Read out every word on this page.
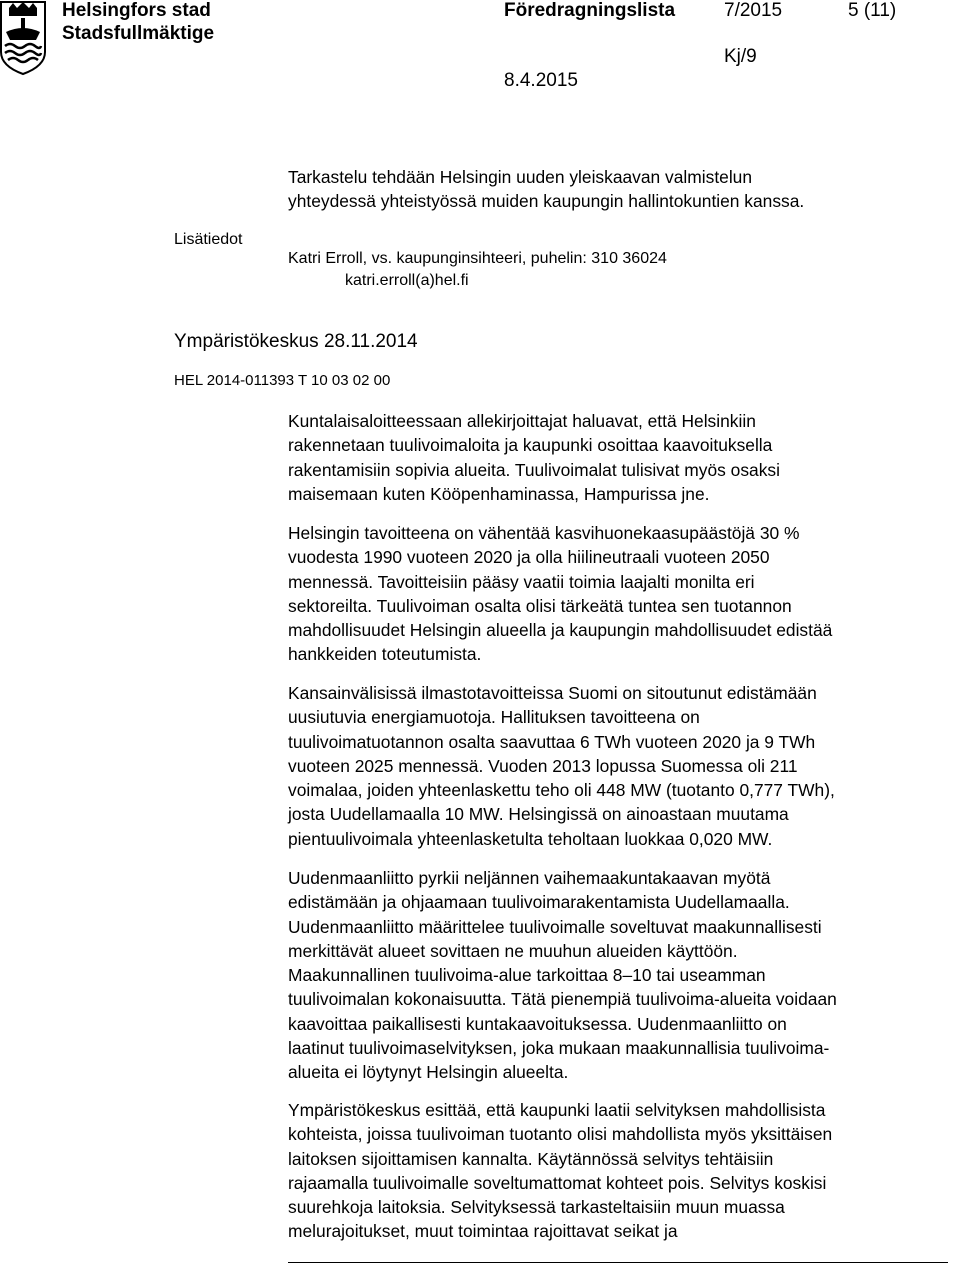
Helsingfors stad
Stadsfullmäktige
Föredragningslista	7/2015	5 (11)
Kj/9
8.4.2015
Tarkastelu tehdään Helsingin uuden yleiskaavan valmistelun
yhteydessä yhteistyössä muiden kaupungin hallintokuntien kanssa.
Lisätiedot
Katri Erroll, vs. kaupunginsihteeri, puhelin: 310 36024
katri.erroll(a)hel.fi
Ympäristökeskus 28.11.2014
HEL 2014-011393 T 10 03 02 00
Kuntalaisaloitteessaan allekirjoittajat haluavat, että Helsinkiin
rakennetaan tuulivoimaloita ja kaupunki osoittaa kaavoituksella
rakentamisiin sopivia alueita. Tuulivoimalat tulisivat myös osaksi
maisemaan kuten Kööpenhaminassa, Hampurissa jne.
Helsingin tavoitteena on vähentää kasvihuonekaasupäästöjä 30 %
vuodesta 1990 vuoteen 2020 ja olla hiilineutraali vuoteen 2050
mennessä. Tavoitteisiin pääsy vaatii toimia laajalti monilta eri
sektoreilta. Tuulivoiman osalta olisi tärkeätä tuntea sen tuotannon
mahdollisuudet Helsingin alueella ja kaupungin mahdollisuudet edistää
hankkeiden toteutumista.
Kansainvälisissä ilmastotavoitteissa Suomi on sitoutunut edistämään
uusiutuvia energiamuotoja. Hallituksen tavoitteena on
tuulivoimatuotannon osalta saavuttaa 6 TWh vuoteen 2020 ja 9 TWh
vuoteen 2025 mennessä. Vuoden 2013 lopussa Suomessa oli 211
voimalaa, joiden yhteenlaskettu teho oli 448 MW (tuotanto 0,777 TWh),
josta Uudellamaalla 10 MW. Helsingissä on ainoastaan muutama
pientuulivoimala yhteenlasketulta teholtaan luokkaa 0,020 MW.
Uudenmaanliitto pyrkii neljännen vaihemaakuntakaavan myötä
edistämään ja ohjaamaan tuulivoimarakentamista Uudellamaalla.
Uudenmaanliitto määrittelee tuulivoimalle soveltuvat maakunnallisesti
merkittävät alueet sovittaen ne muuhun alueiden käyttöön.
Maakunnallinen tuulivoima-alue tarkoittaa 8–10 tai useamman
tuulivoimalan kokonaisuutta. Tätä pienempiä tuulivoima-alueita voidaan
kaavoittaa paikallisesti kuntakaavoituksessa. Uudenmaanliitto on
laatinut tuulivoimaselvityksen, joka mukaan maakunnallisia tuulivoima-
alueita ei löytynyt Helsingin alueelta.
Ympäristökeskus esittää, että kaupunki laatii selvityksen mahdollisista
kohteista, joissa tuulivoiman tuotanto olisi mahdollista myös yksittäisen
laitoksen sijoittamisen kannalta. Käytännössä selvitys tehtäisiin
rajaamalla tuulivoimalle soveltumattomat kohteet pois. Selvitys koskisi
suurehkoja laitoksia. Selvityksessä tarkasteltaisiin muun muassa
melurajoitukset, muut toimintaa rajoittavat seikat ja
